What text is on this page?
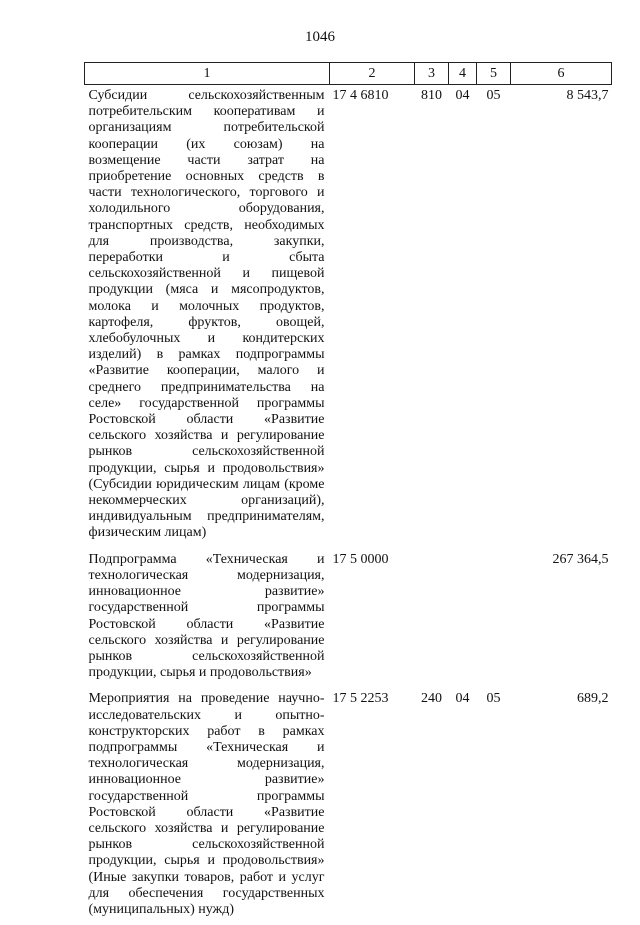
1046
1	2	3	4	5	6
Субсидии сельскохозяйственным потребительским кооперативам и организациям потребительской кооперации (их союзам) на возмещение части затрат на приобретение основных средств в части технологического, торгового и холодильного оборудования, транспортных средств, необходимых для производства, закупки, переработки и сбыта сельскохозяйственной и пищевой продукции (мяса и мясопродуктов, молока и молочных продуктов, картофеля, фруктов, овощей, хлебобулочных и кондитерских изделий) в рамках подпрограммы «Развитие кооперации, малого и среднего предпринимательства на селе» государственной программы Ростовской области «Развитие сельского хозяйства и регулирование рынков сельскохозяйственной продукции, сырья и продовольствия» (Субсидии юридическим лицам (кроме некоммерческих организаций), индивидуальным предпринимателям, физическим лицам)	17 4 6810	810	04	05	8 543,7
Подпрограмма «Техническая и технологическая модернизация, инновационное развитие» государственной программы Ростовской области «Развитие сельского хозяйства и регулирование рынков сельскохозяйственной продукции, сырья и продовольствия»	17 5 0000				267 364,5
Мероприятия на проведение научно-исследовательских и опытно-конструкторских работ в рамках подпрограммы «Техническая и технологическая модернизация, инновационное развитие» государственной программы Ростовской области «Развитие сельского хозяйства и регулирование рынков сельскохозяйственной продукции, сырья и продовольствия» (Иные закупки товаров, работ и услуг для обеспечения государственных (муниципальных) нужд)	17 5 2253	240	04	05	689,2
